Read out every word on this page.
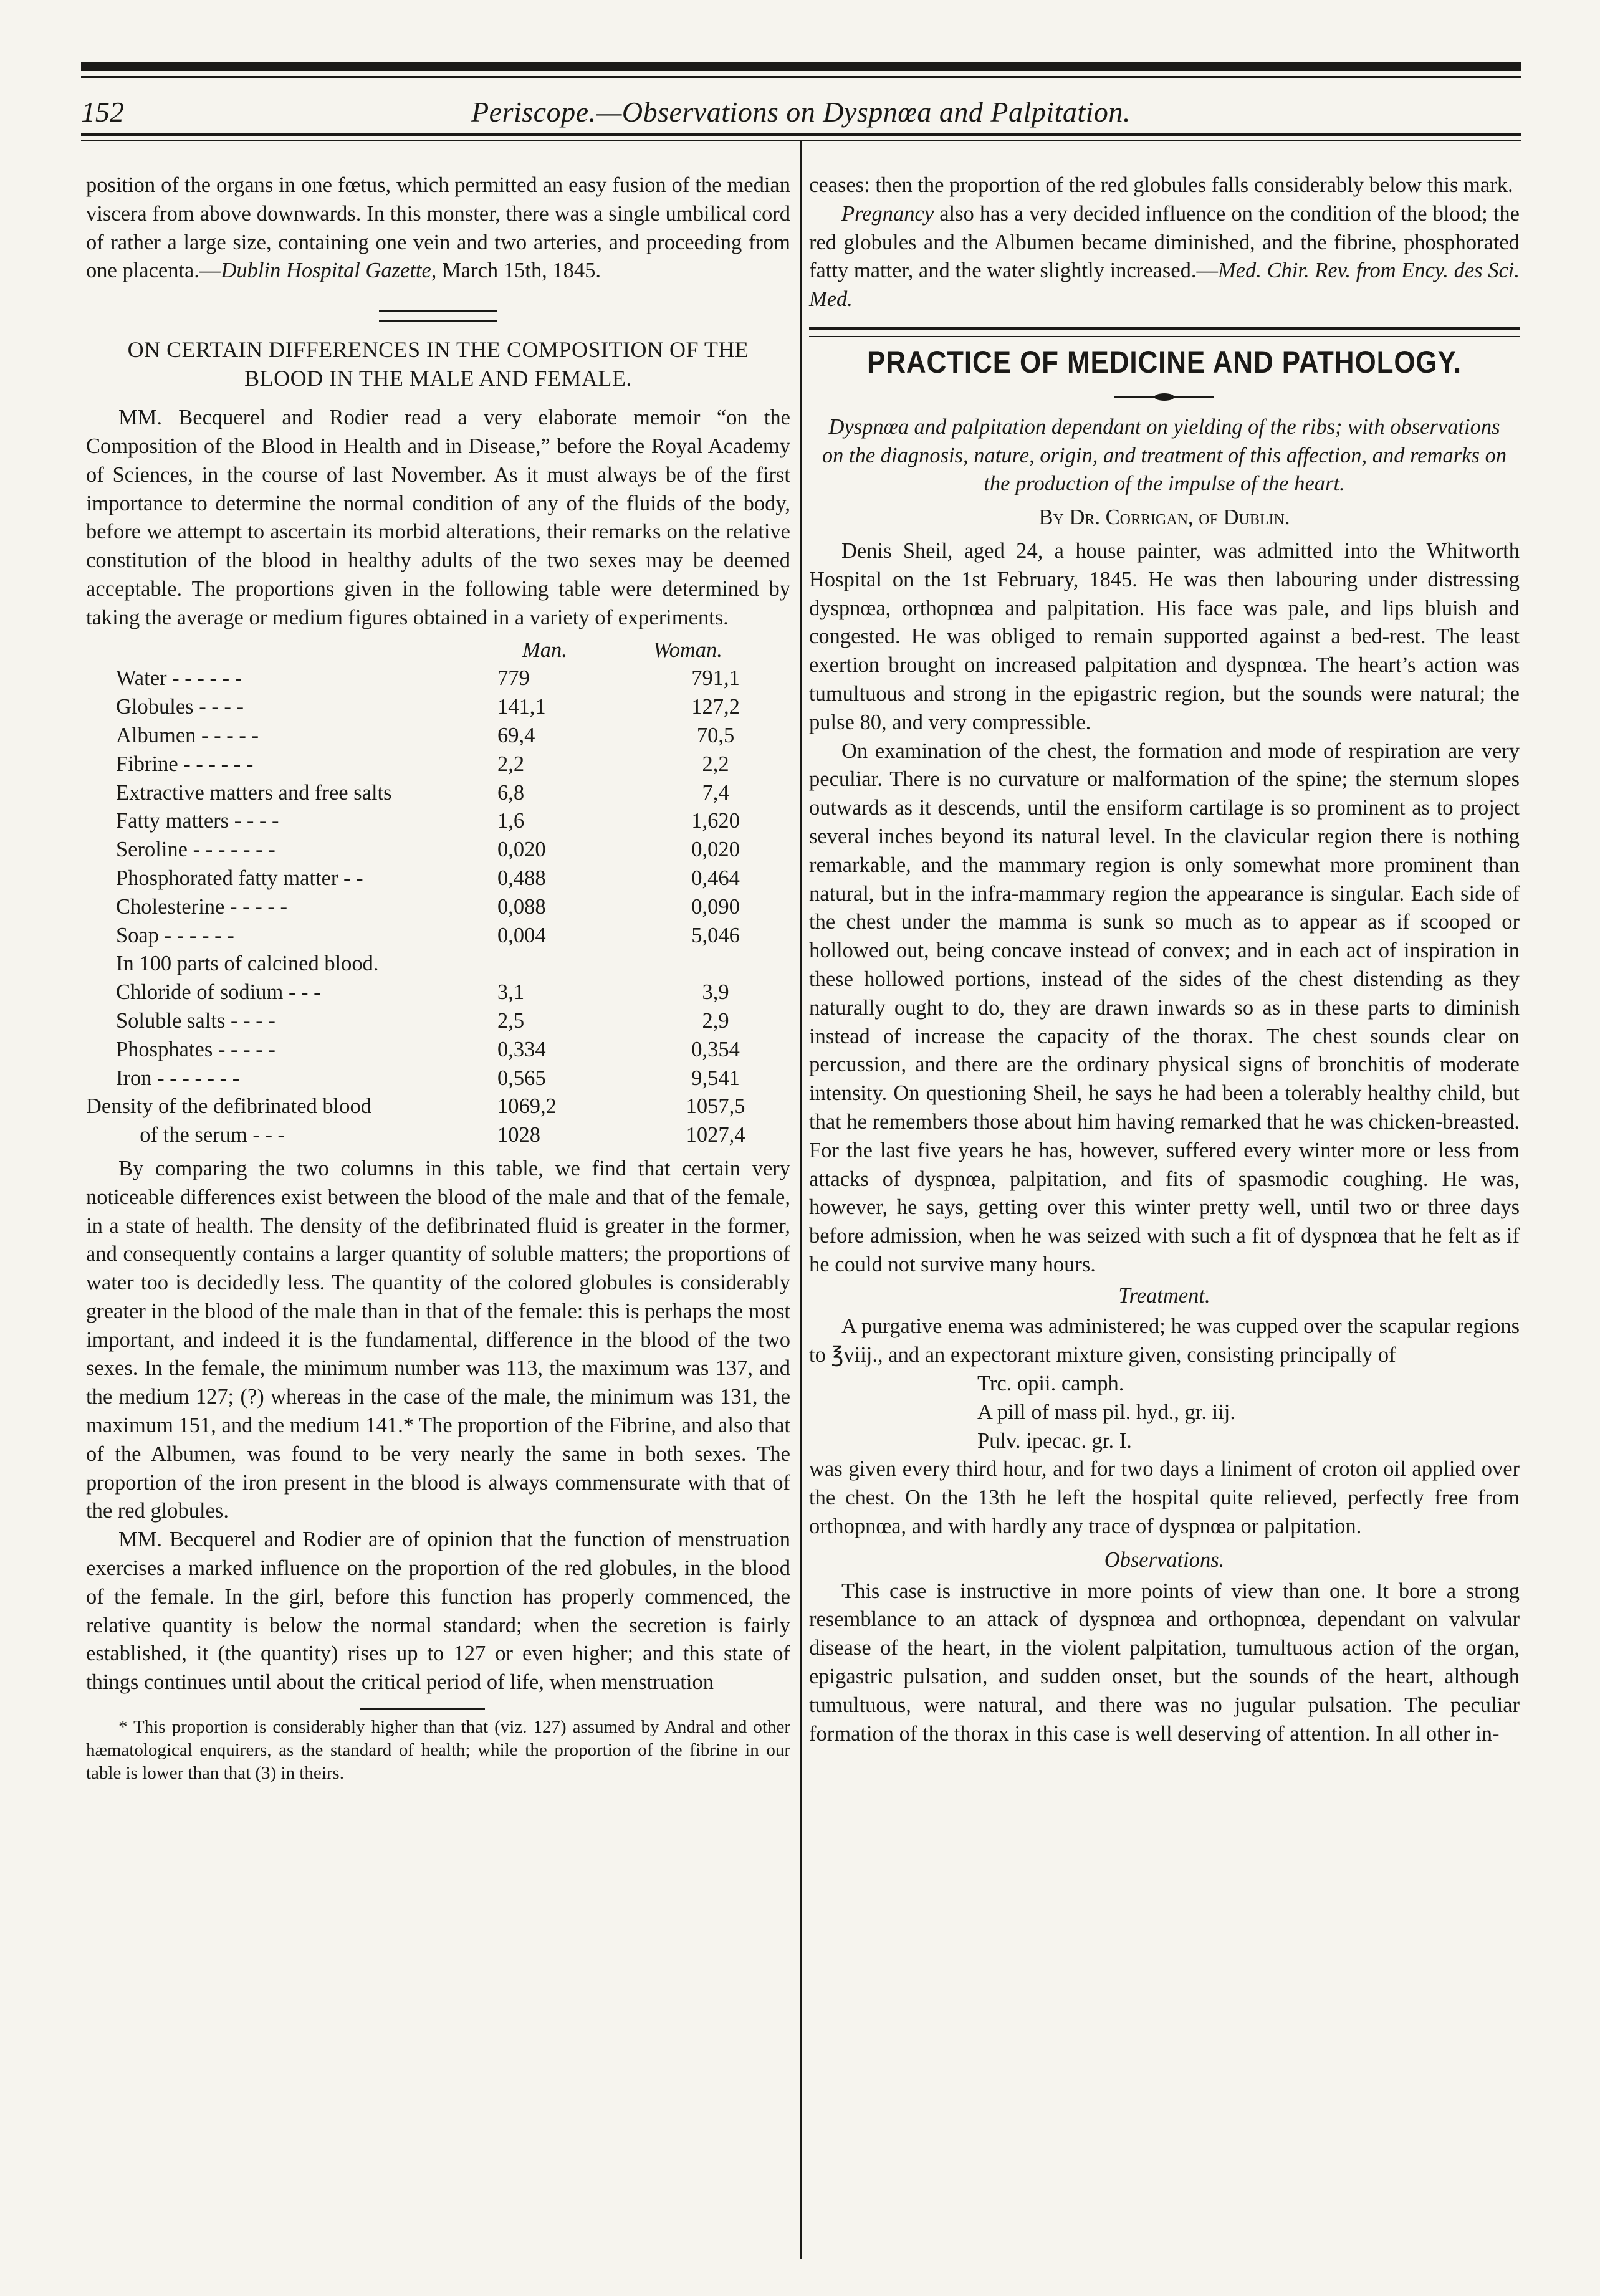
152	Periscope.—Observations on Dyspnœa and Palpitation.

position of the organs in one fœtus, which permitted an easy fusion of the median viscera from above downwards. In this monster, there was a single umbilical cord of rather a large size, containing one vein and two arteries, and proceeding from one placenta.—Dublin Hospital Gazette, March 15th, 1845.

ON CERTAIN DIFFERENCES IN THE COMPOSITION OF THE BLOOD IN THE MALE AND FEMALE.

MM. Becquerel and Rodier read a very elaborate memoir “on the Composition of the Blood in Health and in Disease,” before the Royal Academy of Sciences, in the course of last November. As it must always be of the first importance to determine the normal condition of any of the fluids of the body, before we attempt to ascertain its morbid alterations, their remarks on the relative constitution of the blood in healthy adults of the two sexes may be deemed acceptable. The proportions given in the following table were determined by taking the average or medium figures obtained in a variety of experiments.

	Man.	Woman.
Water - - - - - -	779	791,1
Globules - - - -	141,1	127,2
Albumen - - - - -	69,4	70,5
Fibrine - - - - - -	2,2	2,2
Extractive matters and free salts	6,8	7,4
Fatty matters - - - -	1,6	1,620
Seroline - - - - - - -	0,020	0,020
Phosphorated fatty matter - -	0,488	0,464
Cholesterine - - - - -	0,088	0,090
Soap - - - - - -	0,004	5,046
In 100 parts of calcined blood.		
Chloride of sodium - - -	3,1	3,9
Soluble salts - - - -	2,5	2,9
Phosphates - - - - -	0,334	0,354
Iron - - - - - - -	0,565	9,541
Density of the defibrinated blood	1069,2	1057,5
of the serum - - -	1028	1027,4

By comparing the two columns in this table, we find that certain very noticeable differences exist between the blood of the male and that of the female, in a state of health. The density of the defibrinated fluid is greater in the former, and consequently contains a larger quantity of soluble matters; the proportions of water too is decidedly less. The quantity of the colored globules is considerably greater in the blood of the male than in that of the female: this is perhaps the most important, and indeed it is the fundamental, difference in the blood of the two sexes. In the female, the minimum number was 113, the maximum was 137, and the medium 127; (?) whereas in the case of the male, the minimum was 131, the maximum 151, and the medium 141.* The proportion of the Fibrine, and also that of the Albumen, was found to be very nearly the same in both sexes. The proportion of the iron present in the blood is always commensurate with that of the red globules.

MM. Becquerel and Rodier are of opinion that the function of menstruation exercises a marked influence on the proportion of the red globules, in the blood of the female. In the girl, before this function has properly commenced, the relative quantity is below the normal standard; when the secretion is fairly established, it (the quantity) rises up to 127 or even higher; and this state of things continues until about the critical period of life, when menstruation

* This proportion is considerably higher than that (viz. 127) assumed by Andral and other hæmatological enquirers, as the standard of health; while the proportion of the fibrine in our table is lower than that (3) in theirs.

ceases: then the proportion of the red globules falls considerably below this mark.

Pregnancy also has a very decided influence on the condition of the blood; the red globules and the Albumen became diminished, and the fibrine, phosphorated fatty matter, and the water slightly increased.—Med. Chir. Rev. from Ency. des Sci. Med.

PRACTICE OF MEDICINE AND PATHOLOGY.

Dyspnœa and palpitation dependant on yielding of the ribs; with observations on the diagnosis, nature, origin, and treatment of this affection, and remarks on the production of the impulse of the heart.

By Dr. Corrigan, of Dublin.

Denis Sheil, aged 24, a house painter, was admitted into the Whitworth Hospital on the 1st February, 1845. He was then labouring under distressing dyspnœa, orthopnœa and palpitation. His face was pale, and lips bluish and congested. He was obliged to remain supported against a bed-rest. The least exertion brought on increased palpitation and dyspnœa. The heart’s action was tumultuous and strong in the epigastric region, but the sounds were natural; the pulse 80, and very compressible.

On examination of the chest, the formation and mode of respiration are very peculiar. There is no curvature or malformation of the spine; the sternum slopes outwards as it descends, until the ensiform cartilage is so prominent as to project several inches beyond its natural level. In the clavicular region there is nothing remarkable, and the mammary region is only somewhat more prominent than natural, but in the infra-mammary region the appearance is singular. Each side of the chest under the mamma is sunk so much as to appear as if scooped or hollowed out, being concave instead of convex; and in each act of inspiration in these hollowed portions, instead of the sides of the chest distending as they naturally ought to do, they are drawn inwards so as in these parts to diminish instead of increase the capacity of the thorax. The chest sounds clear on percussion, and there are the ordinary physical signs of bronchitis of moderate intensity. On questioning Sheil, he says he had been a tolerably healthy child, but that he remembers those about him having remarked that he was chicken-breasted. For the last five years he has, however, suffered every winter more or less from attacks of dyspnœa, palpitation, and fits of spasmodic coughing. He was, however, he says, getting over this winter pretty well, until two or three days before admission, when he was seized with such a fit of dyspnœa that he felt as if he could not survive many hours.

Treatment.

A purgative enema was administered; he was cupped over the scapular regions to ℥viij., and an expectorant mixture given, consisting principally of

Trc. opii. camph.

A pill of mass pil. hyd., gr. iij.

Pulv. ipecac. gr. I.

was given every third hour, and for two days a liniment of croton oil applied over the chest. On the 13th he left the hospital quite relieved, perfectly free from orthopnœa, and with hardly any trace of dyspnœa or palpitation.

Observations.

This case is instructive in more points of view than one. It bore a strong resemblance to an attack of dyspnœa and orthopnœa, dependant on valvular disease of the heart, in the violent palpitation, tumultuous action of the organ, epigastric pulsation, and sudden onset, but the sounds of the heart, although tumultuous, were natural, and there was no jugular pulsation. The peculiar formation of the thorax in this case is well deserving of attention. In all other in-
